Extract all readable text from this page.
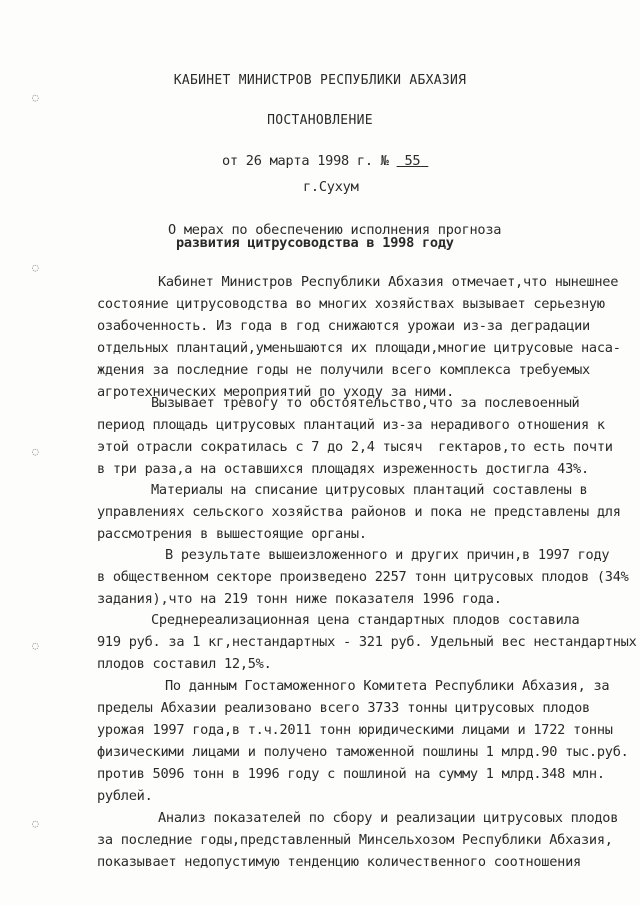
◌
◌
◌
◌
◌
КАБИНЕТ МИНИСТРОВ РЕСПУБЛИКИ АБХАЗИЯ
ПОСТАНОВЛЕНИЕ
от 26 марта 1998 г. № 55
г.Сухум
О мерах по обеспечению исполнения прогноза
развития цитрусоводства в 1998 году
Кабинет Министров Республики Абхазия отмечает,что нынешнее
состояние цитрусоводства во многих хозяйствах вызывает серьезную
озабоченность. Из года в год снижаются урожаи из-за деградации
отдельных плантаций,уменьшаются их площади,многие цитрусовые наса-
ждения за последние годы не получили всего комплекса требуемых
агротехнических мероприятий по уходу за ними.
Вызывает тревогу то обстоятельство,что за послевоенный
период площадь цитрусовых плантаций из-за нерадивого отношения к
этой отрасли сократилась с 7 до 2,4 тысяч  гектаров,то есть почти
в три раза,а на оставшихся площадях изреженность достигла 43%.
Материалы на списание цитрусовых плантаций составлены в
управлениях сельского хозяйства районов и пока не представлены для
рассмотрения в вышестоящие органы.
В результате вышеизложенного и других причин,в 1997 году
в общественном секторе произведено 2257 тонн цитрусовых плодов (34%
задания),что на 219 тонн ниже показателя 1996 года.
Среднереализационная цена стандартных плодов составила
919 руб. за 1 кг,нестандартных - 321 руб. Удельный вес нестандартных
плодов составил 12,5%.
По данным Гостаможенного Комитета Республики Абхазия, за
пределы Абхазии реализовано всего 3733 тонны цитрусовых плодов
урожая 1997 года,в т.ч.2011 тонн юридическими лицами и 1722 тонны
физическими лицами и получено таможенной пошлины 1 млрд.90 тыс.руб.
против 5096 тонн в 1996 году с пошлиной на сумму 1 млрд.348 млн.
рублей.
Анализ показателей по сбору и реализации цитрусовых плодов
за последние годы,представленный Минсельхозом Республики Абхазия,
показывает недопустимую тенденцию количественного соотношения
